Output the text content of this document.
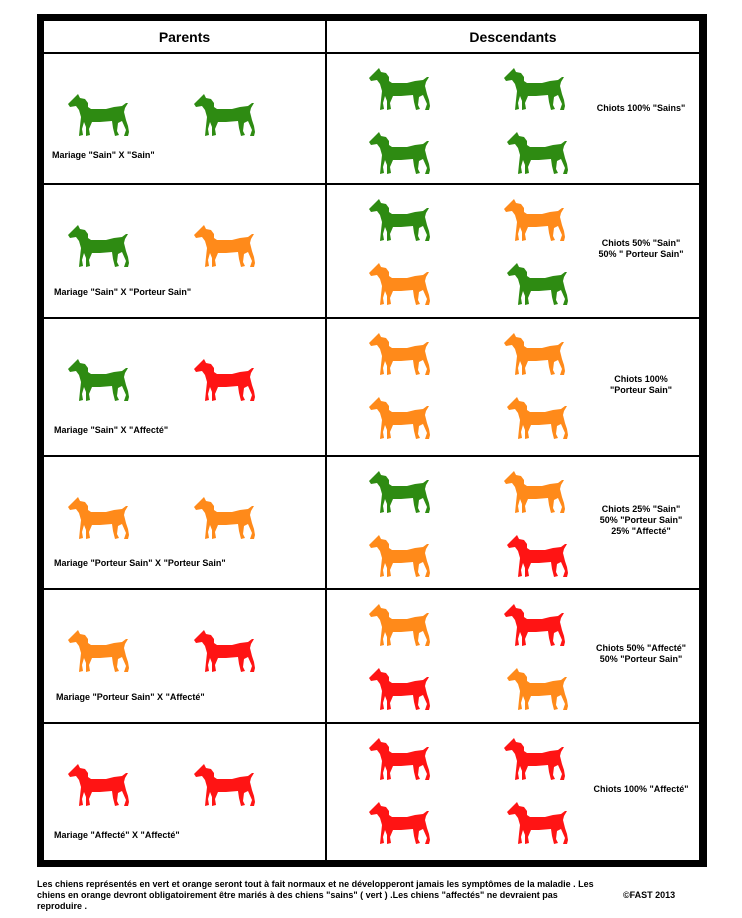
Parents	Descendants
Mariage "Sain" X "Sain"
Chiots 100% "Sains"
Mariage "Sain" X "Porteur Sain"
Chiots 50% "Sain"
50% " Porteur Sain"
Mariage "Sain" X "Affecté"
Chiots 100%
"Porteur Sain"
Mariage "Porteur Sain" X "Porteur Sain"
Chiots 25% "Sain"
50% "Porteur Sain"
25% "Affecté"
Mariage "Porteur Sain" X "Affecté"
Chiots 50% "Affecté"
50% "Porteur Sain"
Mariage "Affecté" X "Affecté"
Chiots 100% "Affecté"
Les chiens représentés en vert et orange seront tout à fait normaux et ne développeront jamais les symptômes de la maladie . Les chiens en orange devront obligatoirement être mariés à des chiens "sains" ( vert ) .Les chiens "affectés" ne devraient pas reproduire .
©FAST 2013
